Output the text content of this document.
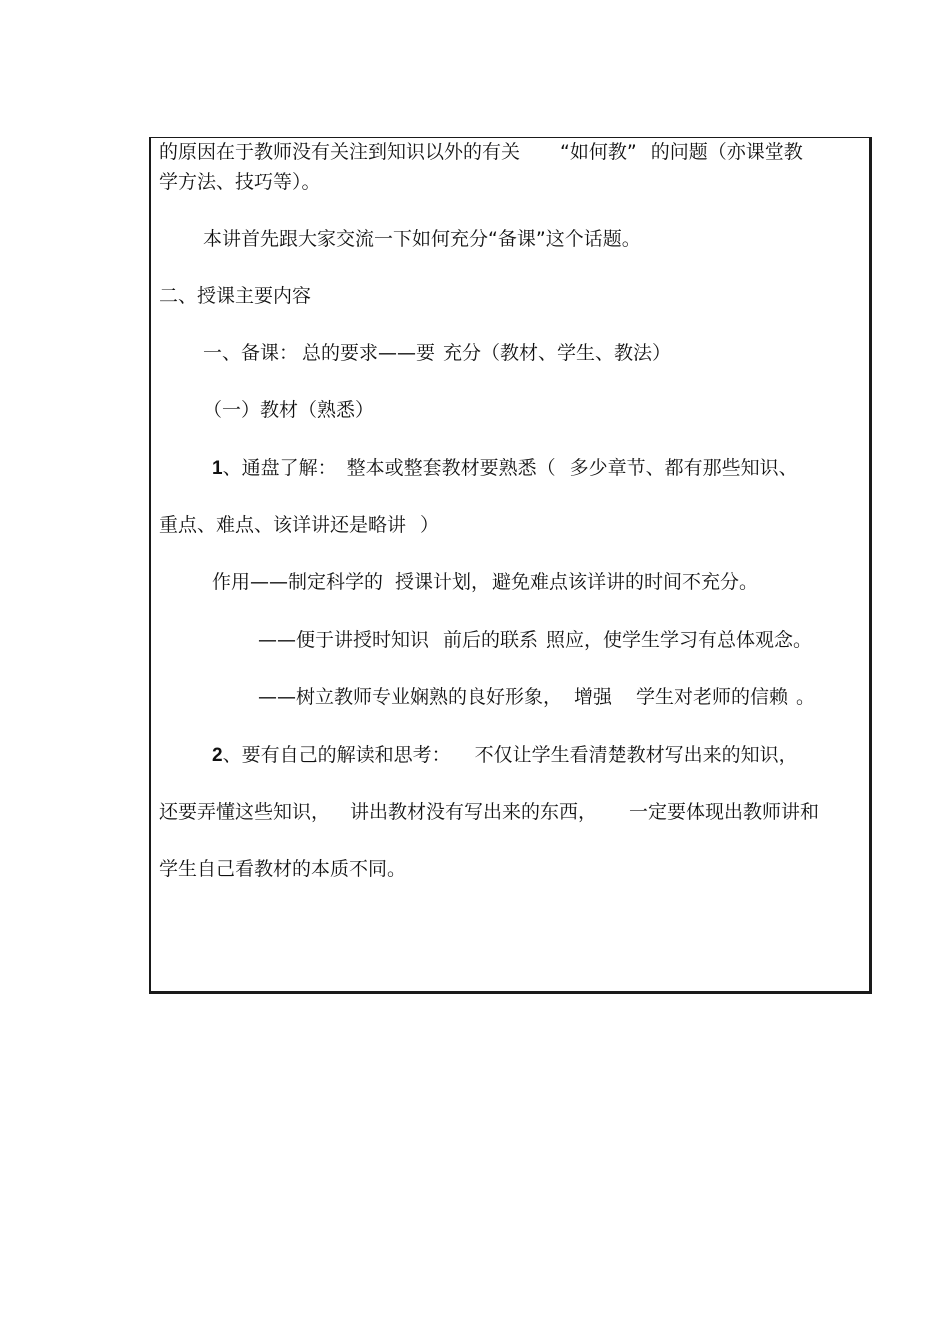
的原因在于教师没有关注到知识以外的有关 “如何教” 的问题（亦课堂教
学方法、技巧等）。
本讲首先跟大家交流一下如何充分“备课”这个话题。
二、授课主要内容
一、备课： 总的要求——要 充分（教材、学生、教法）
（一）教材（熟悉）
1、通盘了解： 整本或整套教材要熟悉（ 多少章节、都有那些知识、
重点、难点、该详讲还是略讲 ）
作用——制定科学的 授课计划， 避免难点该详讲的时间不充分。
——便于讲授时知识 前后的联系 照应，使学生学习有总体观念。
——树立教师专业娴熟的良好形象， 增强 学生对老师的信赖 。
2、要有自己的解读和思考： 不仅让学生看清楚教材写出来的知识，
还要弄懂这些知识， 讲出教材没有写出来的东西， 一定要体现出教师讲和
学生自己看教材的本质不同。
